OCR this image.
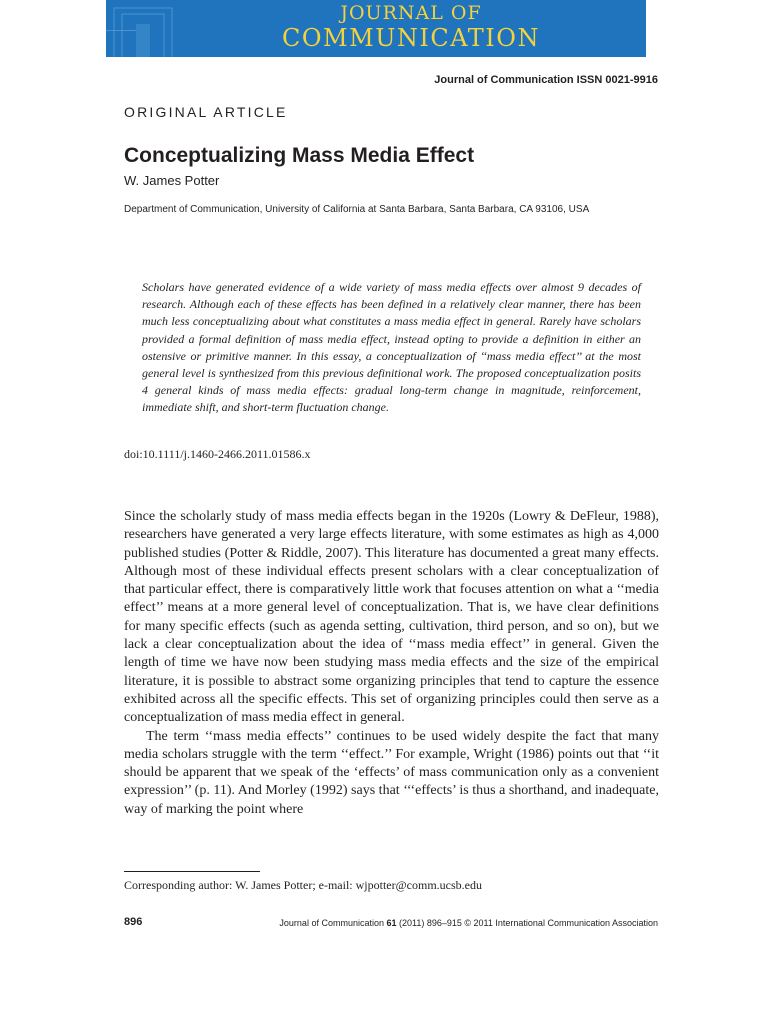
JOURNAL OF
COMMUNICATION
Journal of Communication ISSN 0021-9916
ORIGINAL ARTICLE
Conceptualizing Mass Media Effect
W. James Potter
Department of Communication, University of California at Santa Barbara, Santa Barbara, CA 93106, USA

Scholars have generated evidence of a wide variety of mass media effects over almost 9 decades of research. Although each of these effects has been defined in a relatively clear manner, there has been much less conceptualizing about what constitutes a mass media effect in general. Rarely have scholars provided a formal definition of mass media effect, instead opting to provide a definition in either an ostensive or primitive manner. In this essay, a conceptualization of ‘‘mass media effect’’ at the most general level is synthesized from this previous definitional work. The proposed conceptualization posits 4 general kinds of mass media effects: gradual long-term change in magnitude, reinforcement, immediate shift, and short-term fluctuation change.

doi:10.1111/j.1460-2466.2011.01586.x

Since the scholarly study of mass media effects began in the 1920s (Lowry & DeFleur, 1988), researchers have generated a very large effects literature, with some estimates as high as 4,000 published studies (Potter & Riddle, 2007). This literature has documented a great many effects. Although most of these individual effects present scholars with a clear conceptualization of that particular effect, there is comparatively little work that focuses attention on what a ‘‘media effect’’ means at a more general level of conceptualization. That is, we have clear definitions for many specific effects (such as agenda setting, cultivation, third person, and so on), but we lack a clear conceptualization about the idea of ‘‘mass media effect’’ in general. Given the length of time we have now been studying mass media effects and the size of the empirical literature, it is possible to abstract some organizing principles that tend to capture the essence exhibited across all the specific effects. This set of organizing principles could then serve as a conceptualization of mass media effect in general.

The term ‘‘mass media effects’’ continues to be used widely despite the fact that many media scholars struggle with the term ‘‘effect.’’ For example, Wright (1986) points out that ‘‘it should be apparent that we speak of the ‘effects’ of mass communication only as a convenient expression’’ (p. 11). And Morley (1992) says that ‘‘‘effects’ is thus a shorthand, and inadequate, way of marking the point where

Corresponding author: W. James Potter; e-mail: wjpotter@comm.ucsb.edu
896	Journal of Communication 61 (2011) 896–915 © 2011 International Communication Association
